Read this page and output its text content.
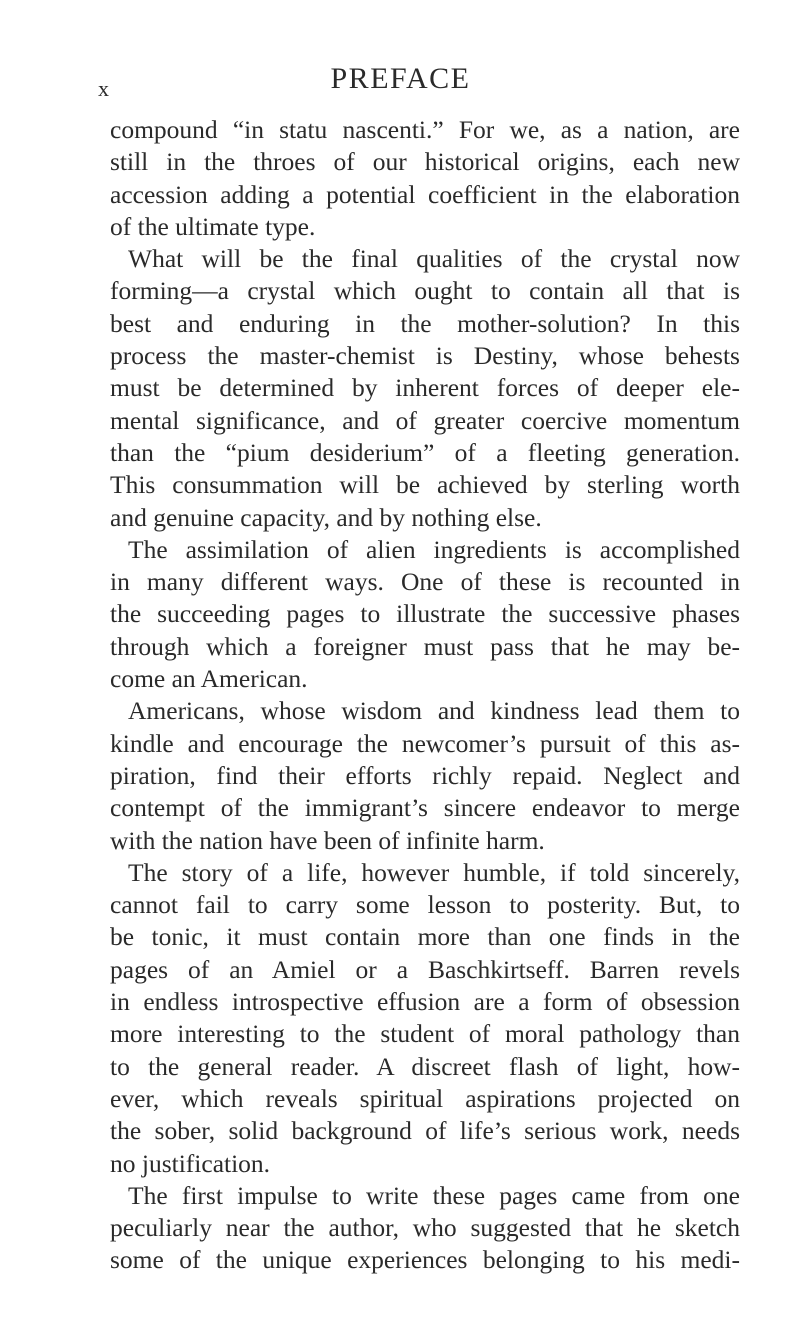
x	PREFACE
compound “in statu nascenti.” For we, as a nation, are
still in the throes of our historical origins, each new
accession adding a potential coefficient in the elaboration
of the ultimate type.
What will be the final qualities of the crystal now
forming—a crystal which ought to contain all that is
best and enduring in the mother-solution? In this
process the master-chemist is Destiny, whose behests
must be determined by inherent forces of deeper ele-
mental significance, and of greater coercive momentum
than the “pium desiderium” of a fleeting generation.
This consummation will be achieved by sterling worth
and genuine capacity, and by nothing else.
The assimilation of alien ingredients is accomplished
in many different ways. One of these is recounted in
the succeeding pages to illustrate the successive phases
through which a foreigner must pass that he may be-
come an American.
Americans, whose wisdom and kindness lead them to
kindle and encourage the newcomer’s pursuit of this as-
piration, find their efforts richly repaid. Neglect and
contempt of the immigrant’s sincere endeavor to merge
with the nation have been of infinite harm.
The story of a life, however humble, if told sincerely,
cannot fail to carry some lesson to posterity. But, to
be tonic, it must contain more than one finds in the
pages of an Amiel or a Baschkirtseff. Barren revels
in endless introspective effusion are a form of obsession
more interesting to the student of moral pathology than
to the general reader. A discreet flash of light, how-
ever, which reveals spiritual aspirations projected on
the sober, solid background of life’s serious work, needs
no justification.
The first impulse to write these pages came from one
peculiarly near the author, who suggested that he sketch
some of the unique experiences belonging to his medi-
